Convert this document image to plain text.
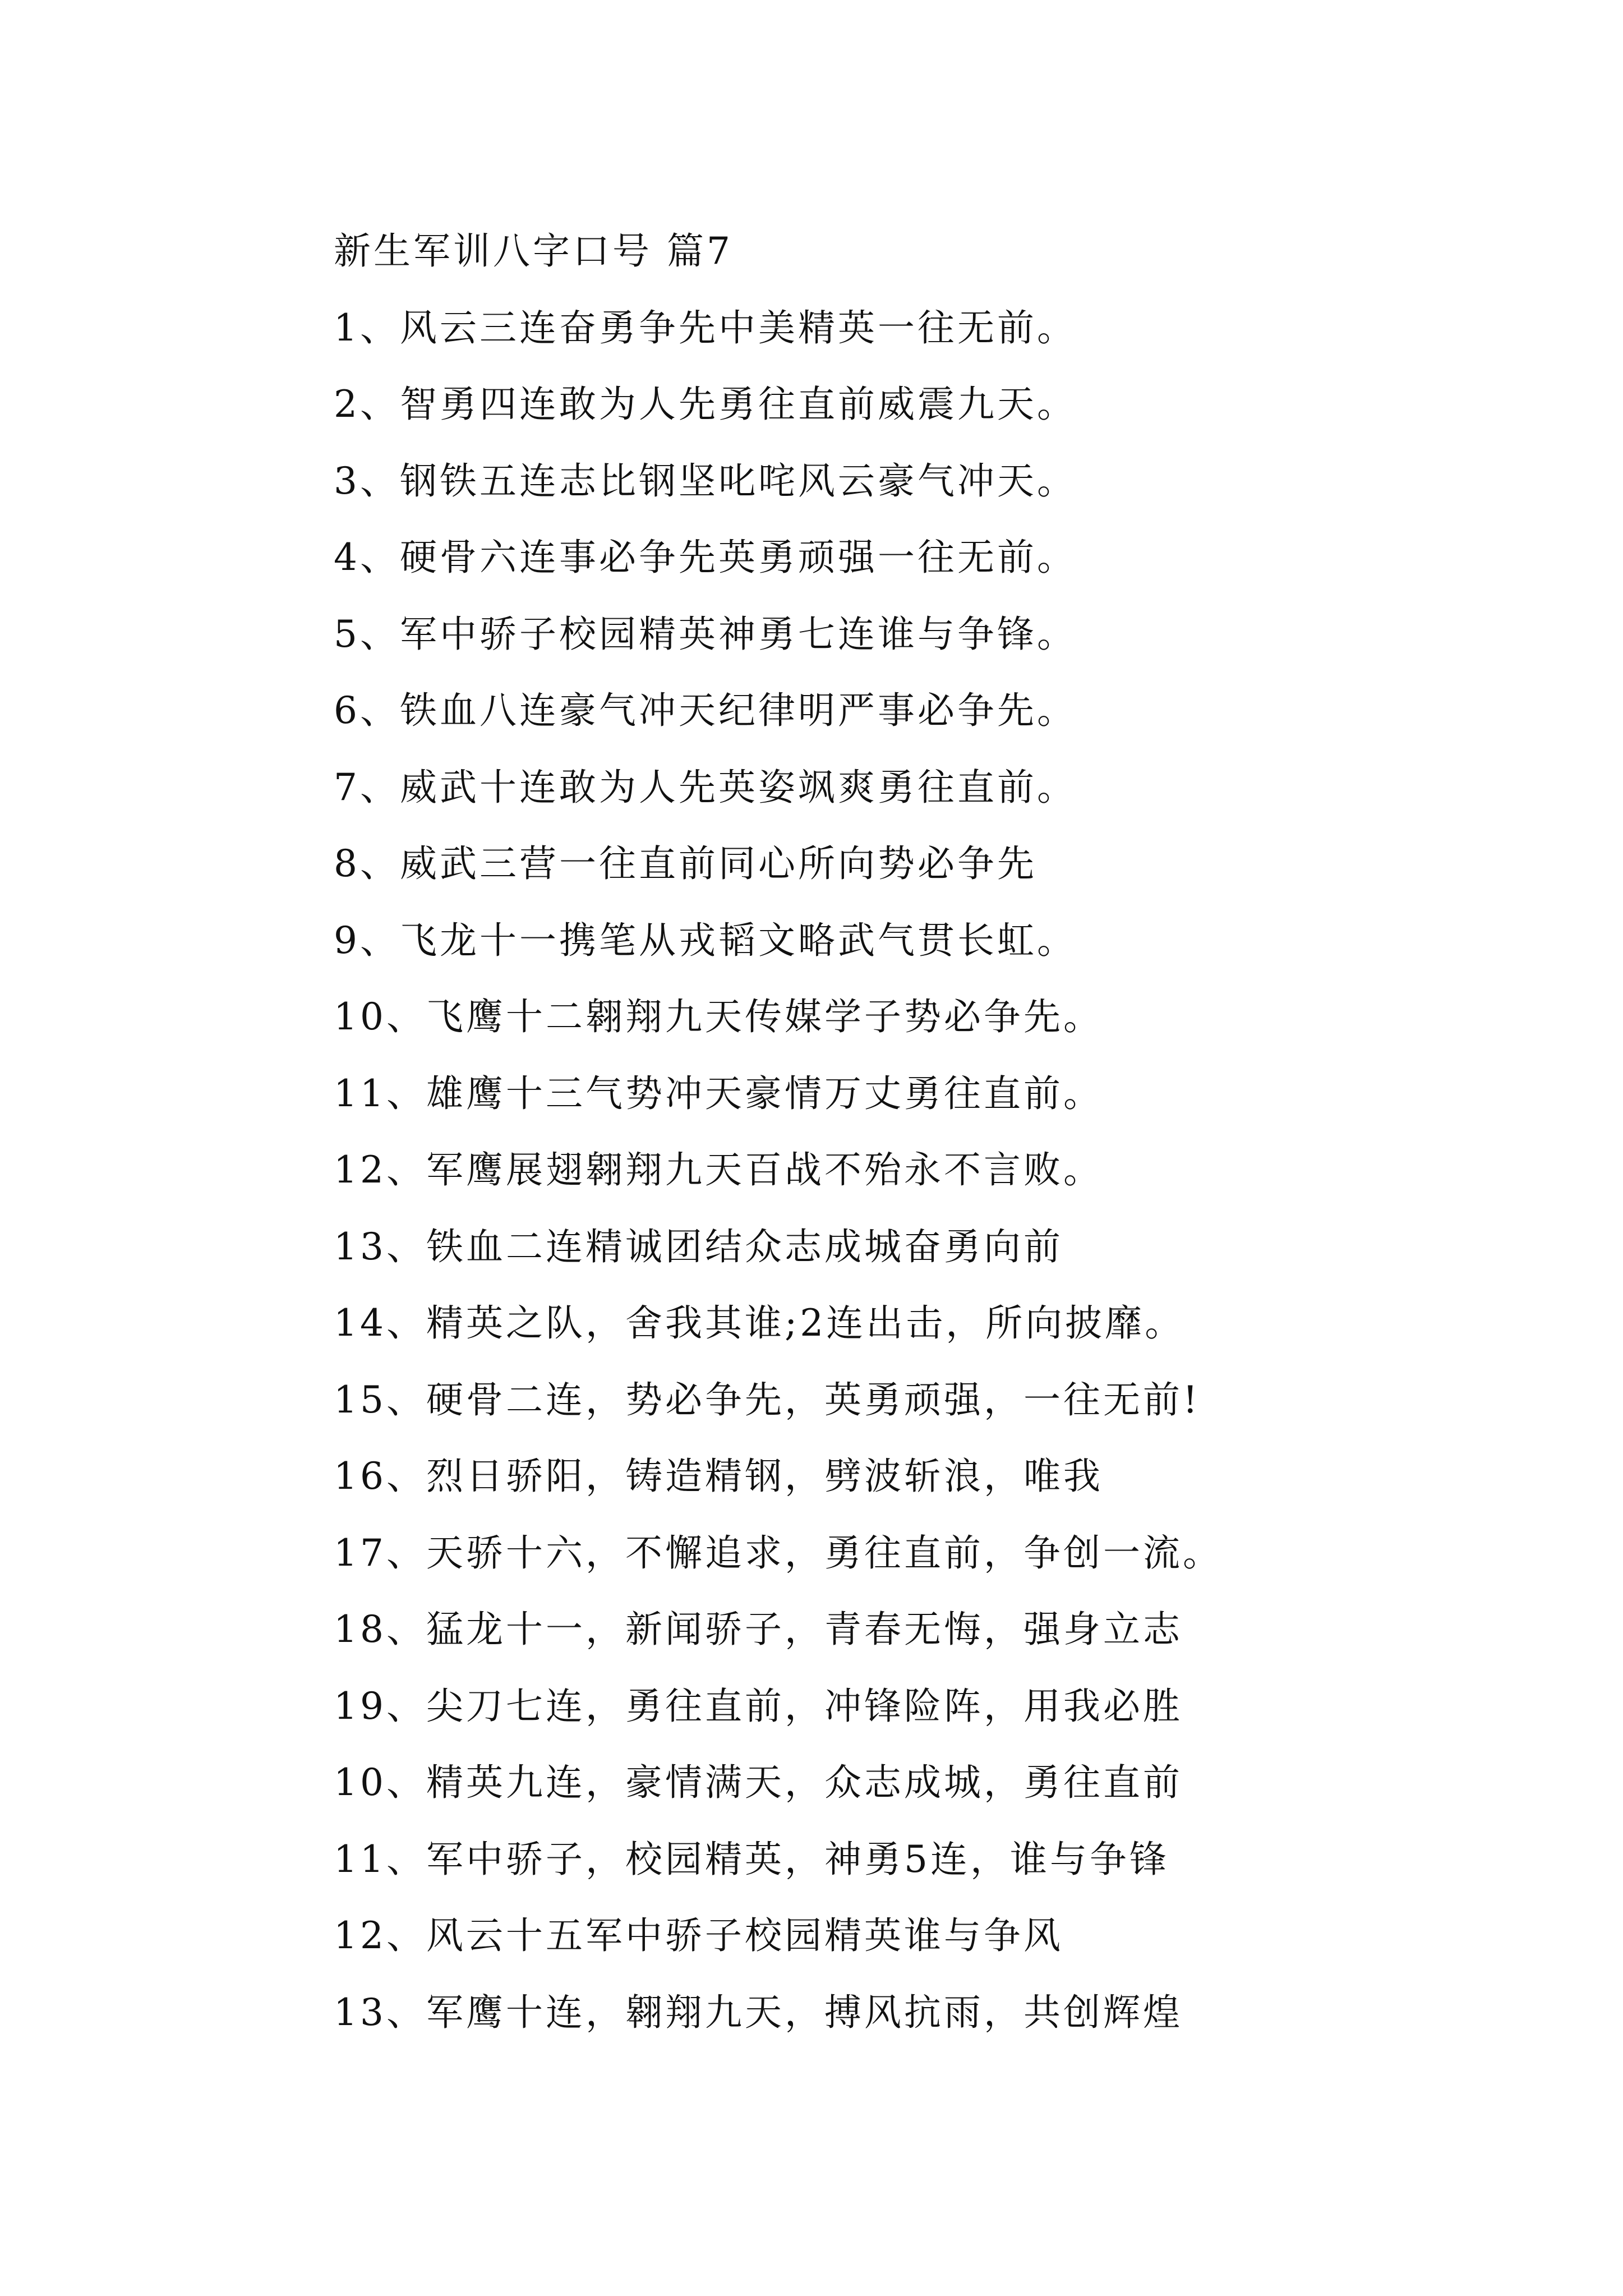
新生军训八字口号 篇7
1、风云三连奋勇争先中美精英一往无前。
2、智勇四连敢为人先勇往直前威震九天。
3、钢铁五连志比钢坚叱咤风云豪气冲天。
4、硬骨六连事必争先英勇顽强一往无前。
5、军中骄子校园精英神勇七连谁与争锋。
6、铁血八连豪气冲天纪律明严事必争先。
7、威武十连敢为人先英姿飒爽勇往直前。
8、威武三营一往直前同心所向势必争先
9、飞龙十一携笔从戎韬文略武气贯长虹。
10、飞鹰十二翱翔九天传媒学子势必争先。
11、雄鹰十三气势冲天豪情万丈勇往直前。
12、军鹰展翅翱翔九天百战不殆永不言败。
13、铁血二连精诚团结众志成城奋勇向前
14、精英之队，舍我其谁;2连出击，所向披靡。
15、硬骨二连，势必争先，英勇顽强，一往无前!
16、烈日骄阳，铸造精钢，劈波斩浪，唯我
17、天骄十六，不懈追求，勇往直前，争创一流。
18、猛龙十一，新闻骄子，青春无悔，强身立志
19、尖刀七连，勇往直前，冲锋险阵，用我必胜
10、精英九连，豪情满天，众志成城，勇往直前
11、军中骄子，校园精英，神勇5连，谁与争锋
12、风云十五军中骄子校园精英谁与争风
13、军鹰十连，翱翔九天，搏风抗雨，共创辉煌
